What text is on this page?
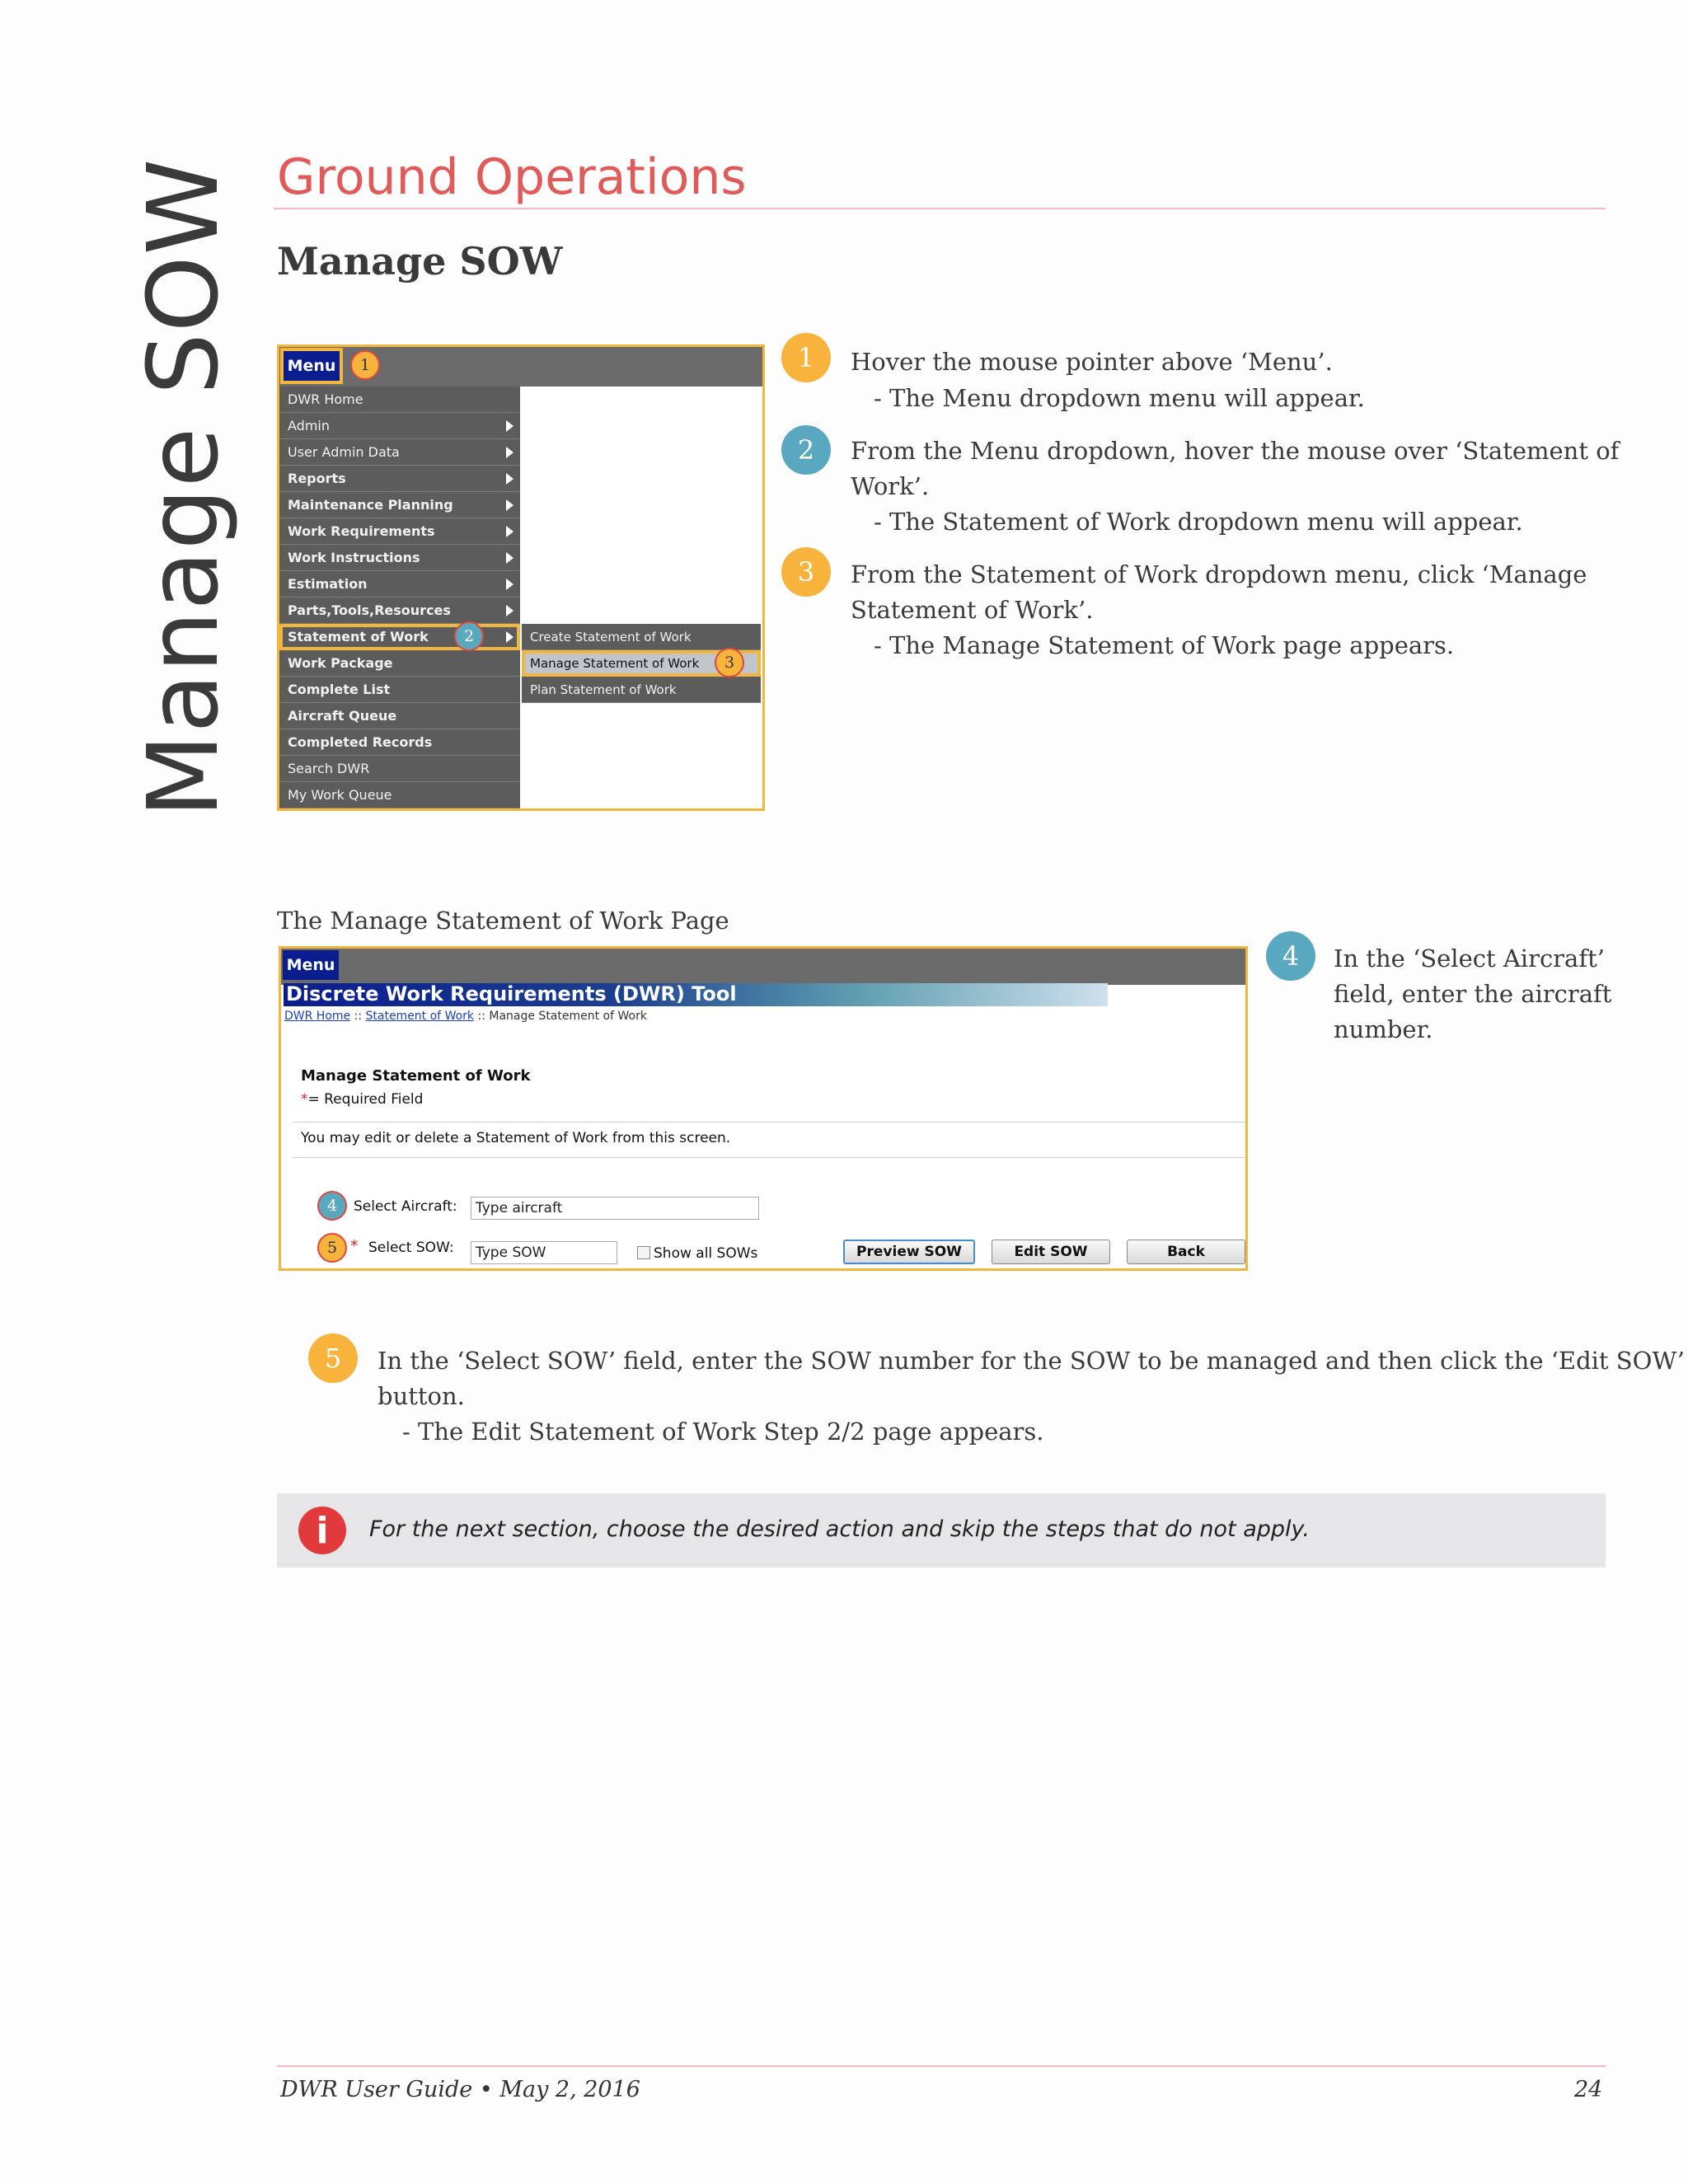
Manage SOW Ground Operations
Manage SOW
Menu	1
DWR Home
Admin
User Admin Data
Reports
Maintenance Planning
Work Requirements
Work Instructions
Estimation
Parts,Tools,Resources
Statement of Work
Work Package
Complete List
Aircraft Queue
Completed Records
Search DWR
My Work Queue
Create Statement of Work
Manage Statement of Work
Plan Statement of Work
2
3
1	Hover the mouse pointer above ‘Menu’.
- The Menu dropdown menu will appear.
2	From the Menu dropdown, hover the mouse over ‘Statement of
Work’.
- The Statement of Work dropdown menu will appear.
3	From the Statement of Work dropdown menu, click ‘Manage
Statement of Work’.
- The Manage Statement of Work page appears.
The Manage Statement of Work Page
Menu
Discrete Work Requirements (DWR) Tool
DWR Home :: Statement of Work :: Manage Statement of Work
Manage Statement of Work
*= Required Field
You may edit or delete a Statement of Work from this screen.
4	Select Aircraft:	Type aircraft
5 * Select SOW:	Type SOW	Show all SOWs	Preview SOW	Edit SOW	Back
4	In the ‘Select Aircraft’
field, enter the aircraft
number.
5	In the ‘Select SOW’ field, enter the SOW number for the SOW to be managed and then click the ‘Edit SOW’
button.
- The Edit Statement of Work Step 2/2 page appears.
i	For the next section, choose the desired action and skip the steps that do not apply.
DWR User Guide • May 2, 2016	24
